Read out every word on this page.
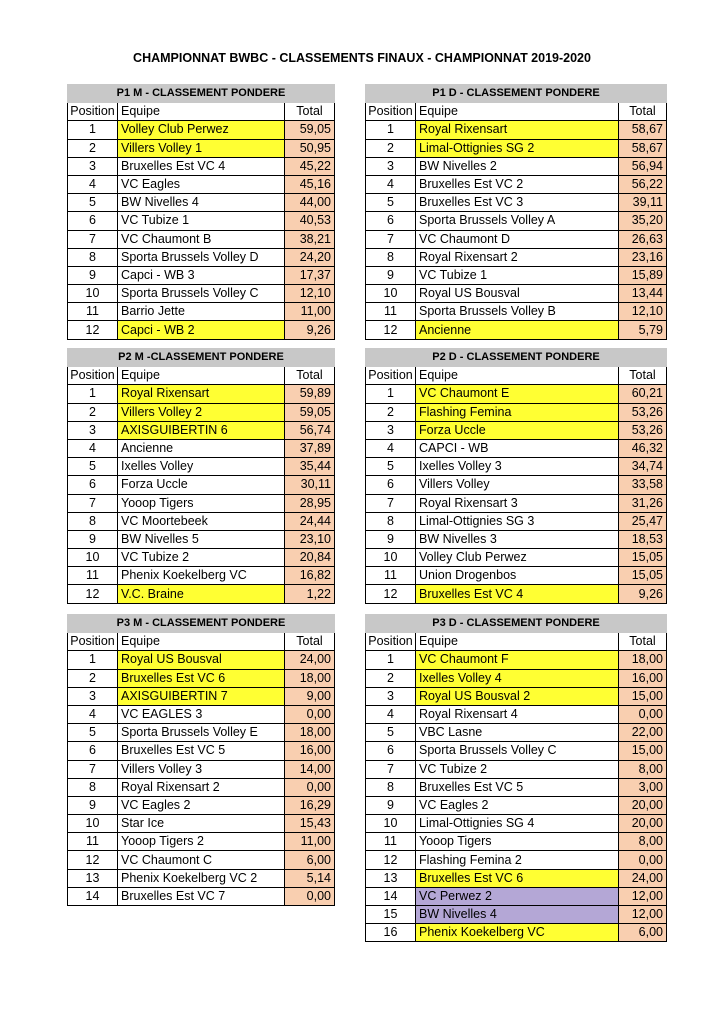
CHAMPIONNAT BWBC - CLASSEMENTS FINAUX - CHAMPIONNAT 2019-2020
P1 M - CLASSEMENT PONDERE		
Position	Equipe	Total
1	Volley Club Perwez	59,05
2	Villers Volley 1	50,95
3	Bruxelles Est VC 4	45,22
4	VC Eagles	45,16
5	BW Nivelles 4	44,00
6	VC Tubize 1	40,53
7	VC Chaumont B	38,21
8	Sporta Brussels Volley D	24,20
9	Capci - WB 3	17,37
10	Sporta Brussels Volley C	12,10
11	Barrio Jette	11,00
12	Capci - WB 2	9,26
P1 D - CLASSEMENT PONDERE		
Position	Equipe	Total
1	Royal Rixensart	58,67
2	Limal-Ottignies SG 2	58,67
3	BW Nivelles 2	56,94
4	Bruxelles Est VC 2	56,22
5	Bruxelles Est VC 3	39,11
6	Sporta Brussels Volley A	35,20
7	VC Chaumont D	26,63
8	Royal Rixensart 2	23,16
9	VC Tubize 1	15,89
10	Royal US Bousval	13,44
11	Sporta Brussels Volley B	12,10
12	Ancienne	5,79
P2 M -CLASSEMENT PONDERE		
Position	Equipe	Total
1	Royal Rixensart	59,89
2	Villers Volley 2	59,05
3	AXISGUIBERTIN 6	56,74
4	Ancienne	37,89
5	Ixelles Volley	35,44
6	Forza Uccle	30,11
7	Yooop Tigers	28,95
8	VC Moortebeek	24,44
9	BW Nivelles 5	23,10
10	VC Tubize 2	20,84
11	Phenix Koekelberg VC	16,82
12	V.C. Braine	1,22
P2 D - CLASSEMENT PONDERE		
Position	Equipe	Total
1	VC Chaumont E	60,21
2	Flashing Femina	53,26
3	Forza Uccle	53,26
4	CAPCI - WB	46,32
5	Ixelles Volley 3	34,74
6	Villers Volley	33,58
7	Royal Rixensart 3	31,26
8	Limal-Ottignies SG 3	25,47
9	BW Nivelles 3	18,53
10	Volley Club Perwez	15,05
11	Union Drogenbos	15,05
12	Bruxelles Est VC 4	9,26
P3 M - CLASSEMENT PONDERE		
Position	Equipe	Total
1	Royal US Bousval	24,00
2	Bruxelles Est VC 6	18,00
3	AXISGUIBERTIN 7	9,00
4	VC EAGLES 3	0,00
5	Sporta Brussels Volley E	18,00
6	Bruxelles Est VC 5	16,00
7	Villers Volley 3	14,00
8	Royal Rixensart 2	0,00
9	VC Eagles 2	16,29
10	Star Ice	15,43
11	Yooop Tigers 2	11,00
12	VC Chaumont C	6,00
13	Phenix Koekelberg VC 2	5,14
14	Bruxelles Est VC 7	0,00
P3 D - CLASSEMENT PONDERE		
Position	Equipe	Total
1	VC Chaumont F	18,00
2	Ixelles Volley 4	16,00
3	Royal US Bousval 2	15,00
4	Royal Rixensart 4	0,00
5	VBC Lasne	22,00
6	Sporta Brussels Volley C	15,00
7	VC Tubize 2	8,00
8	Bruxelles Est VC 5	3,00
9	VC Eagles 2	20,00
10	Limal-Ottignies SG 4	20,00
11	Yooop Tigers	8,00
12	Flashing Femina 2	0,00
13	Bruxelles Est VC 6	24,00
14	VC Perwez 2	12,00
15	BW Nivelles 4	12,00
16	Phenix Koekelberg VC	6,00
